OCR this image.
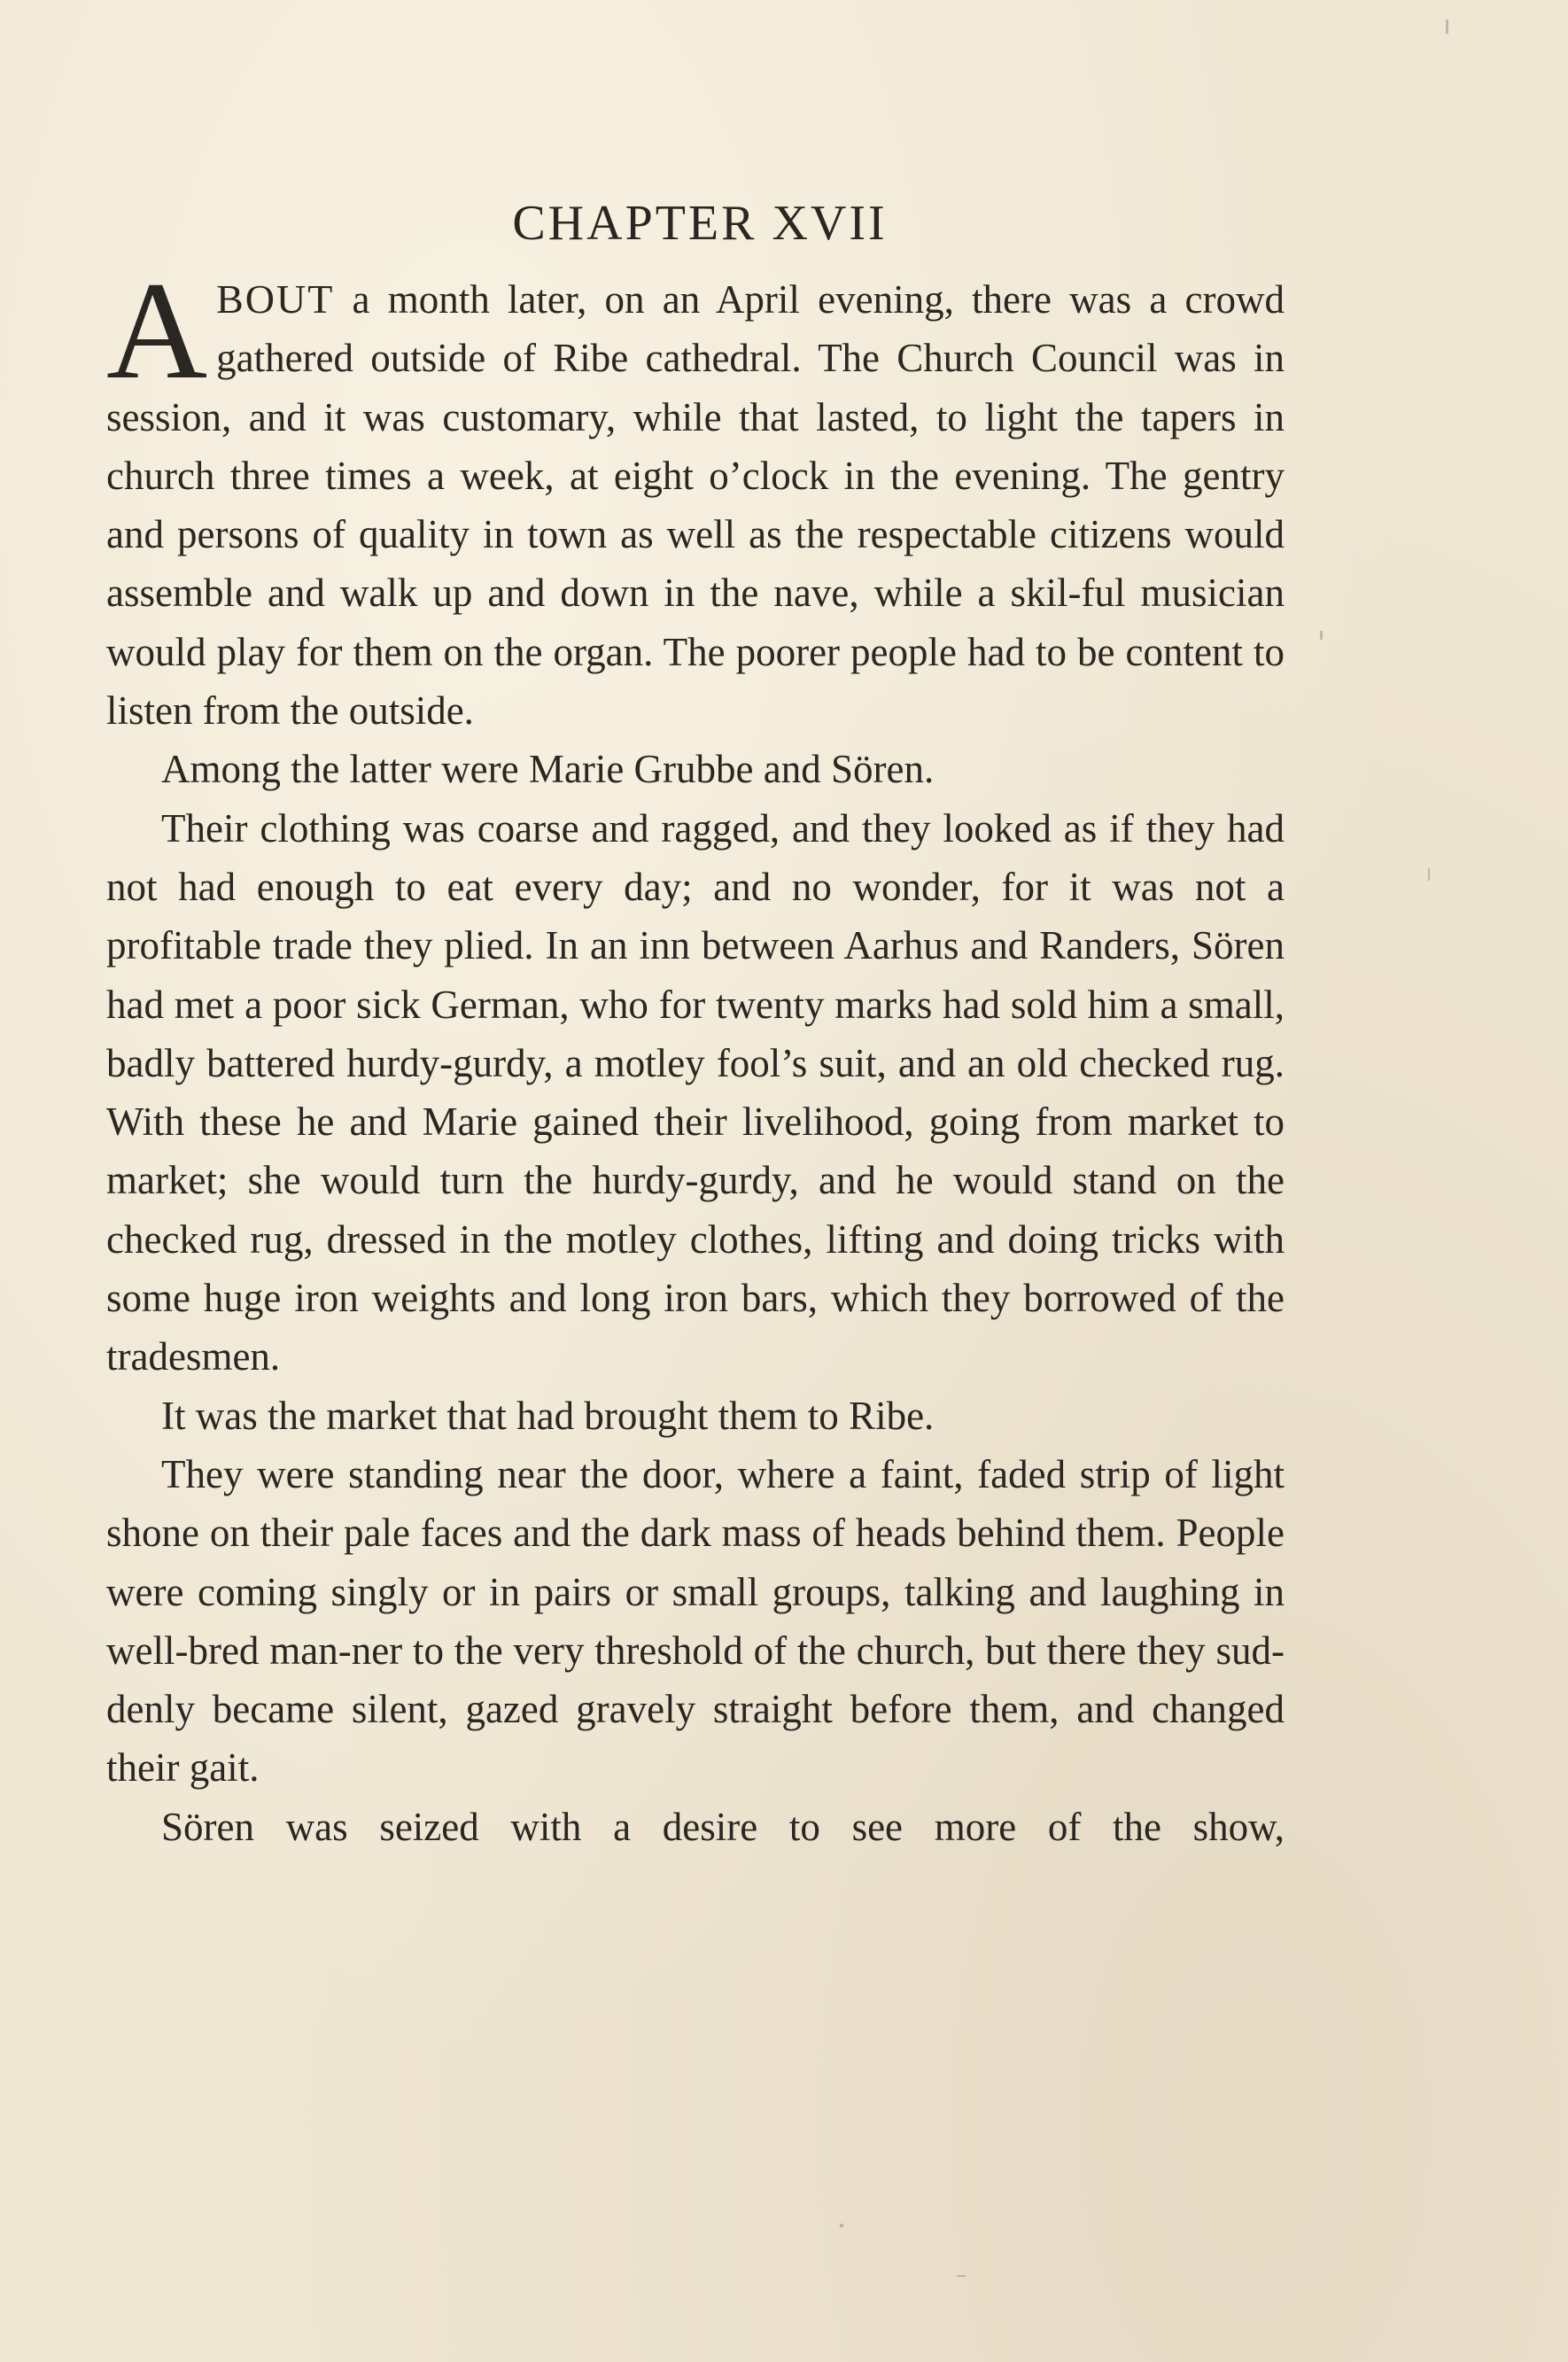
CHAPTER XVII

ABOUT a month later, on an April evening, there was a crowd gathered outside of Ribe cathedral. The Church Council was in session, and it was customary, while that lasted, to light the tapers in church three times a week, at eight o’clock in the evening. The gentry and persons of quality in town as well as the respectable citizens would assemble and walk up and down in the nave, while a skil-ful musician would play for them on the organ. The poorer people had to be content to listen from the outside.

Among the latter were Marie Grubbe and Sören.

Their clothing was coarse and ragged, and they looked as if they had not had enough to eat every day; and no wonder, for it was not a profitable trade they plied. In an inn between Aarhus and Randers, Sören had met a poor sick German, who for twenty marks had sold him a small, badly battered hurdy-gurdy, a motley fool’s suit, and an old checked rug. With these he and Marie gained their livelihood, going from market to market; she would turn the hurdy-gurdy, and he would stand on the checked rug, dressed in the motley clothes, lifting and doing tricks with some huge iron weights and long iron bars, which they borrowed of the tradesmen.

It was the market that had brought them to Ribe.

They were standing near the door, where a faint, faded strip of light shone on their pale faces and the dark mass of heads behind them. People were coming singly or in pairs or small groups, talking and laughing in well-bred man-ner to the very threshold of the church, but there they sud-denly became silent, gazed gravely straight before them, and changed their gait.

Sören was seized with a desire to see more of the show,
